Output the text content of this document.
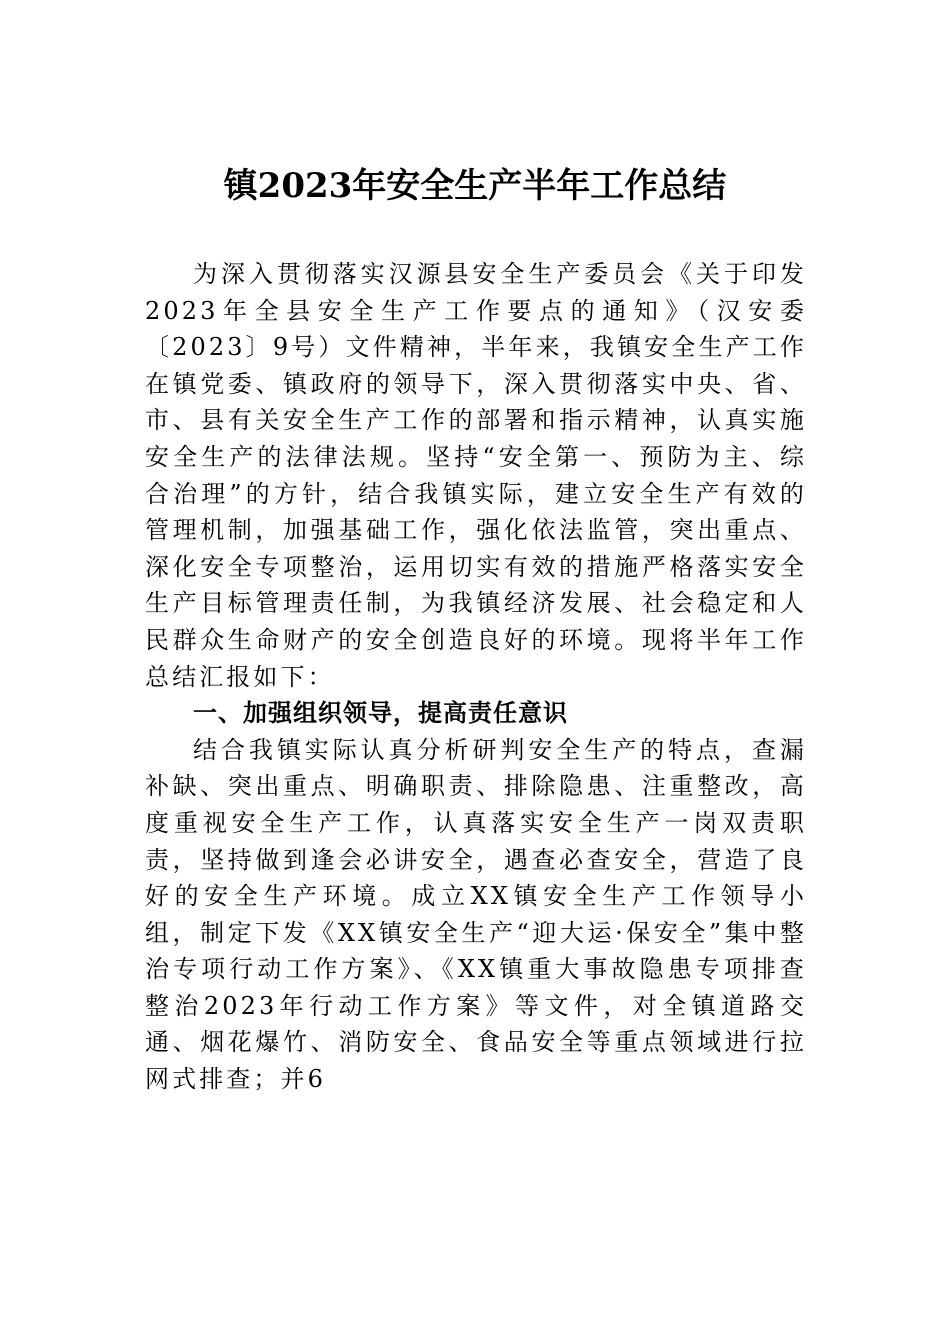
镇2023年安全生产半年工作总结

为深入贯彻落实汉源县安全生产委员会《关于印发2023年全县安全生产工作要点的通知》（汉安委〔2023〕9号）文件精神，半年来，我镇安全生产工作在镇党委、镇政府的领导下，深入贯彻落实中央、省、市、县有关安全生产工作的部署和指示精神，认真实施安全生产的法律法规。坚持“安全第一、预防为主、综合治理”的方针，结合我镇实际，建立安全生产有效的管理机制，加强基础工作，强化依法监管，突出重点、深化安全专项整治，运用切实有效的措施严格落实安全生产目标管理责任制，为我镇经济发展、社会稳定和人民群众生命财产的安全创造良好的环境。现将半年工作总结汇报如下：

一、加强组织领导，提高责任意识

结合我镇实际认真分析研判安全生产的特点，查漏补缺、突出重点、明确职责、排除隐患、注重整改，高度重视安全生产工作，认真落实安全生产一岗双责职责，坚持做到逢会必讲安全，遇查必查安全，营造了良好的安全生产环境。成立XX镇安全生产工作领导小组，制定下发《XX镇安全生产“迎大运·保安全”集中整治专项行动工作方案》、《XX镇重大事故隐患专项排查整治2023年行动工作方案》等文件，对全镇道路交通、烟花爆竹、消防安全、食品安全等重点领域进行拉网式排查；并6
